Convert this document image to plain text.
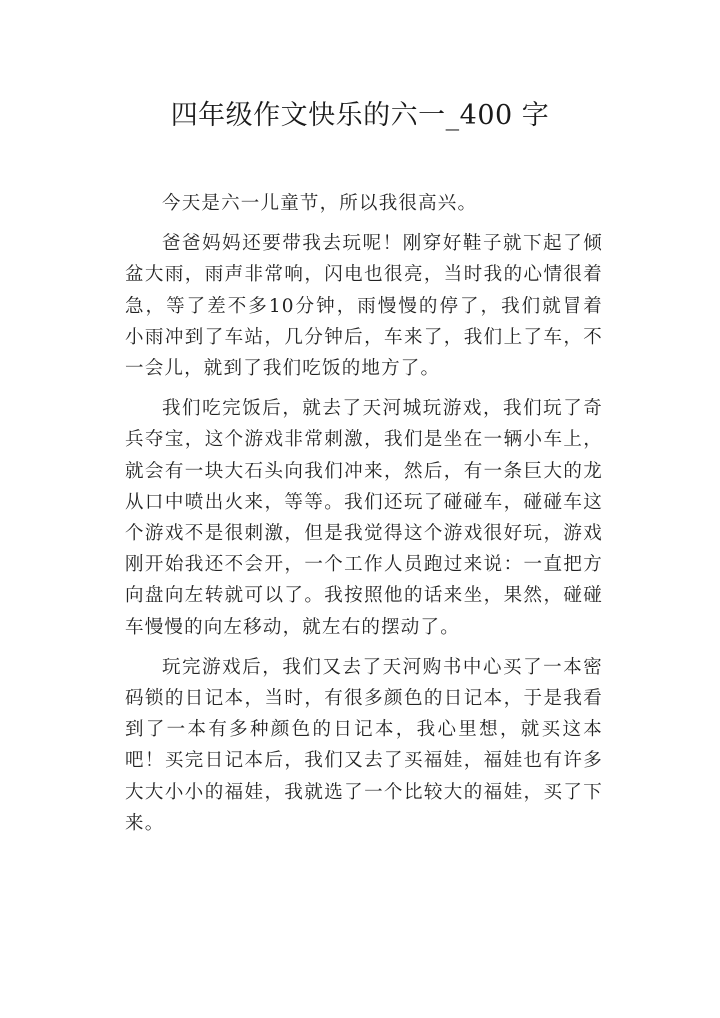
四年级作文快乐的六一_400 字

今天是六一儿童节，所以我很高兴。

爸爸妈妈还要带我去玩呢！刚穿好鞋子就下起了倾盆大雨，雨声非常响，闪电也很亮，当时我的心情很着急，等了差不多10分钟，雨慢慢的停了，我们就冒着小雨冲到了车站，几分钟后，车来了，我们上了车，不一会儿，就到了我们吃饭的地方了。

我们吃完饭后，就去了天河城玩游戏，我们玩了奇兵夺宝，这个游戏非常刺激，我们是坐在一辆小车上，就会有一块大石头向我们冲来，然后，有一条巨大的龙从口中喷出火来，等等。我们还玩了碰碰车，碰碰车这个游戏不是很刺激，但是我觉得这个游戏很好玩，游戏刚开始我还不会开，一个工作人员跑过来说：一直把方向盘向左转就可以了。我按照他的话来坐，果然，碰碰车慢慢的向左移动，就左右的摆动了。

玩完游戏后，我们又去了天河购书中心买了一本密码锁的日记本，当时，有很多颜色的日记本，于是我看到了一本有多种颜色的日记本，我心里想，就买这本吧！买完日记本后，我们又去了买福娃，福娃也有许多大大小小的福娃，我就选了一个比较大的福娃，买了下来。
